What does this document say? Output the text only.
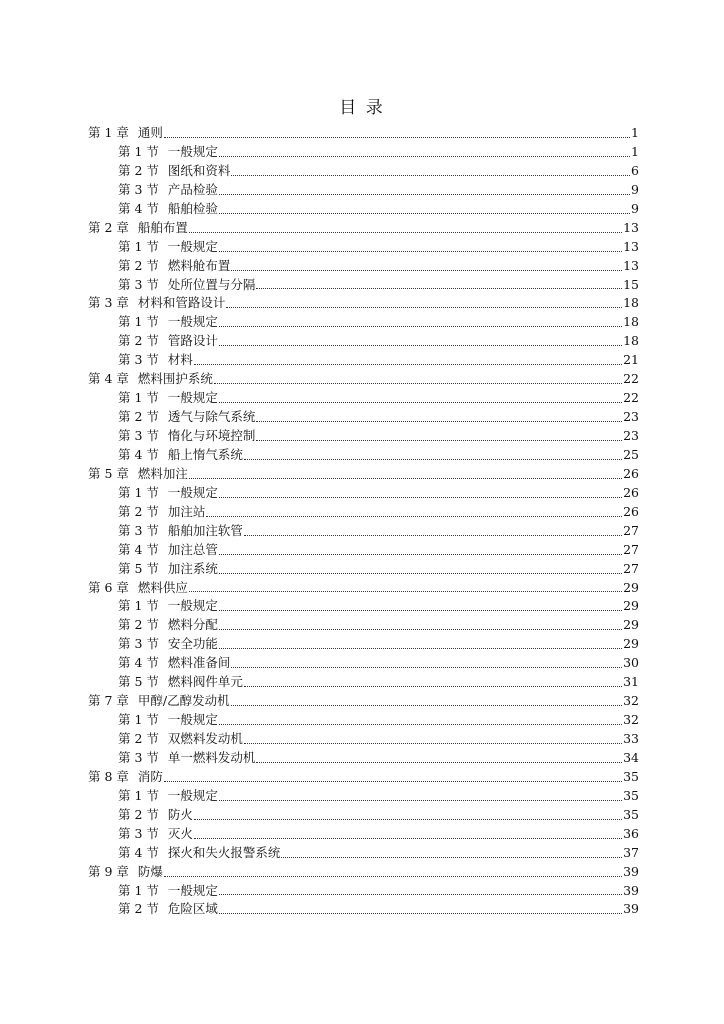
目 录
第 1 章 通则	1
第 1 节 一般规定	1
第 2 节 图纸和资料	6
第 3 节 产品检验	9
第 4 节 船舶检验	9
第 2 章 船舶布置	13
第 1 节 一般规定	13
第 2 节 燃料舱布置	13
第 3 节 处所位置与分隔	15
第 3 章 材料和管路设计	18
第 1 节 一般规定	18
第 2 节 管路设计	18
第 3 节 材料	21
第 4 章 燃料围护系统	22
第 1 节 一般规定	22
第 2 节 透气与除气系统	23
第 3 节 惰化与环境控制	23
第 4 节 船上惰气系统	25
第 5 章 燃料加注	26
第 1 节 一般规定	26
第 2 节 加注站	26
第 3 节 船舶加注软管	27
第 4 节 加注总管	27
第 5 节 加注系统	27
第 6 章 燃料供应	29
第 1 节 一般规定	29
第 2 节 燃料分配	29
第 3 节 安全功能	29
第 4 节 燃料准备间	30
第 5 节 燃料阀件单元	31
第 7 章 甲醇/乙醇发动机	32
第 1 节 一般规定	32
第 2 节 双燃料发动机	33
第 3 节 单一燃料发动机	34
第 8 章 消防	35
第 1 节 一般规定	35
第 2 节 防火	35
第 3 节 灭火	36
第 4 节 探火和失火报警系统	37
第 9 章 防爆	39
第 1 节 一般规定	39
第 2 节 危险区域	39
